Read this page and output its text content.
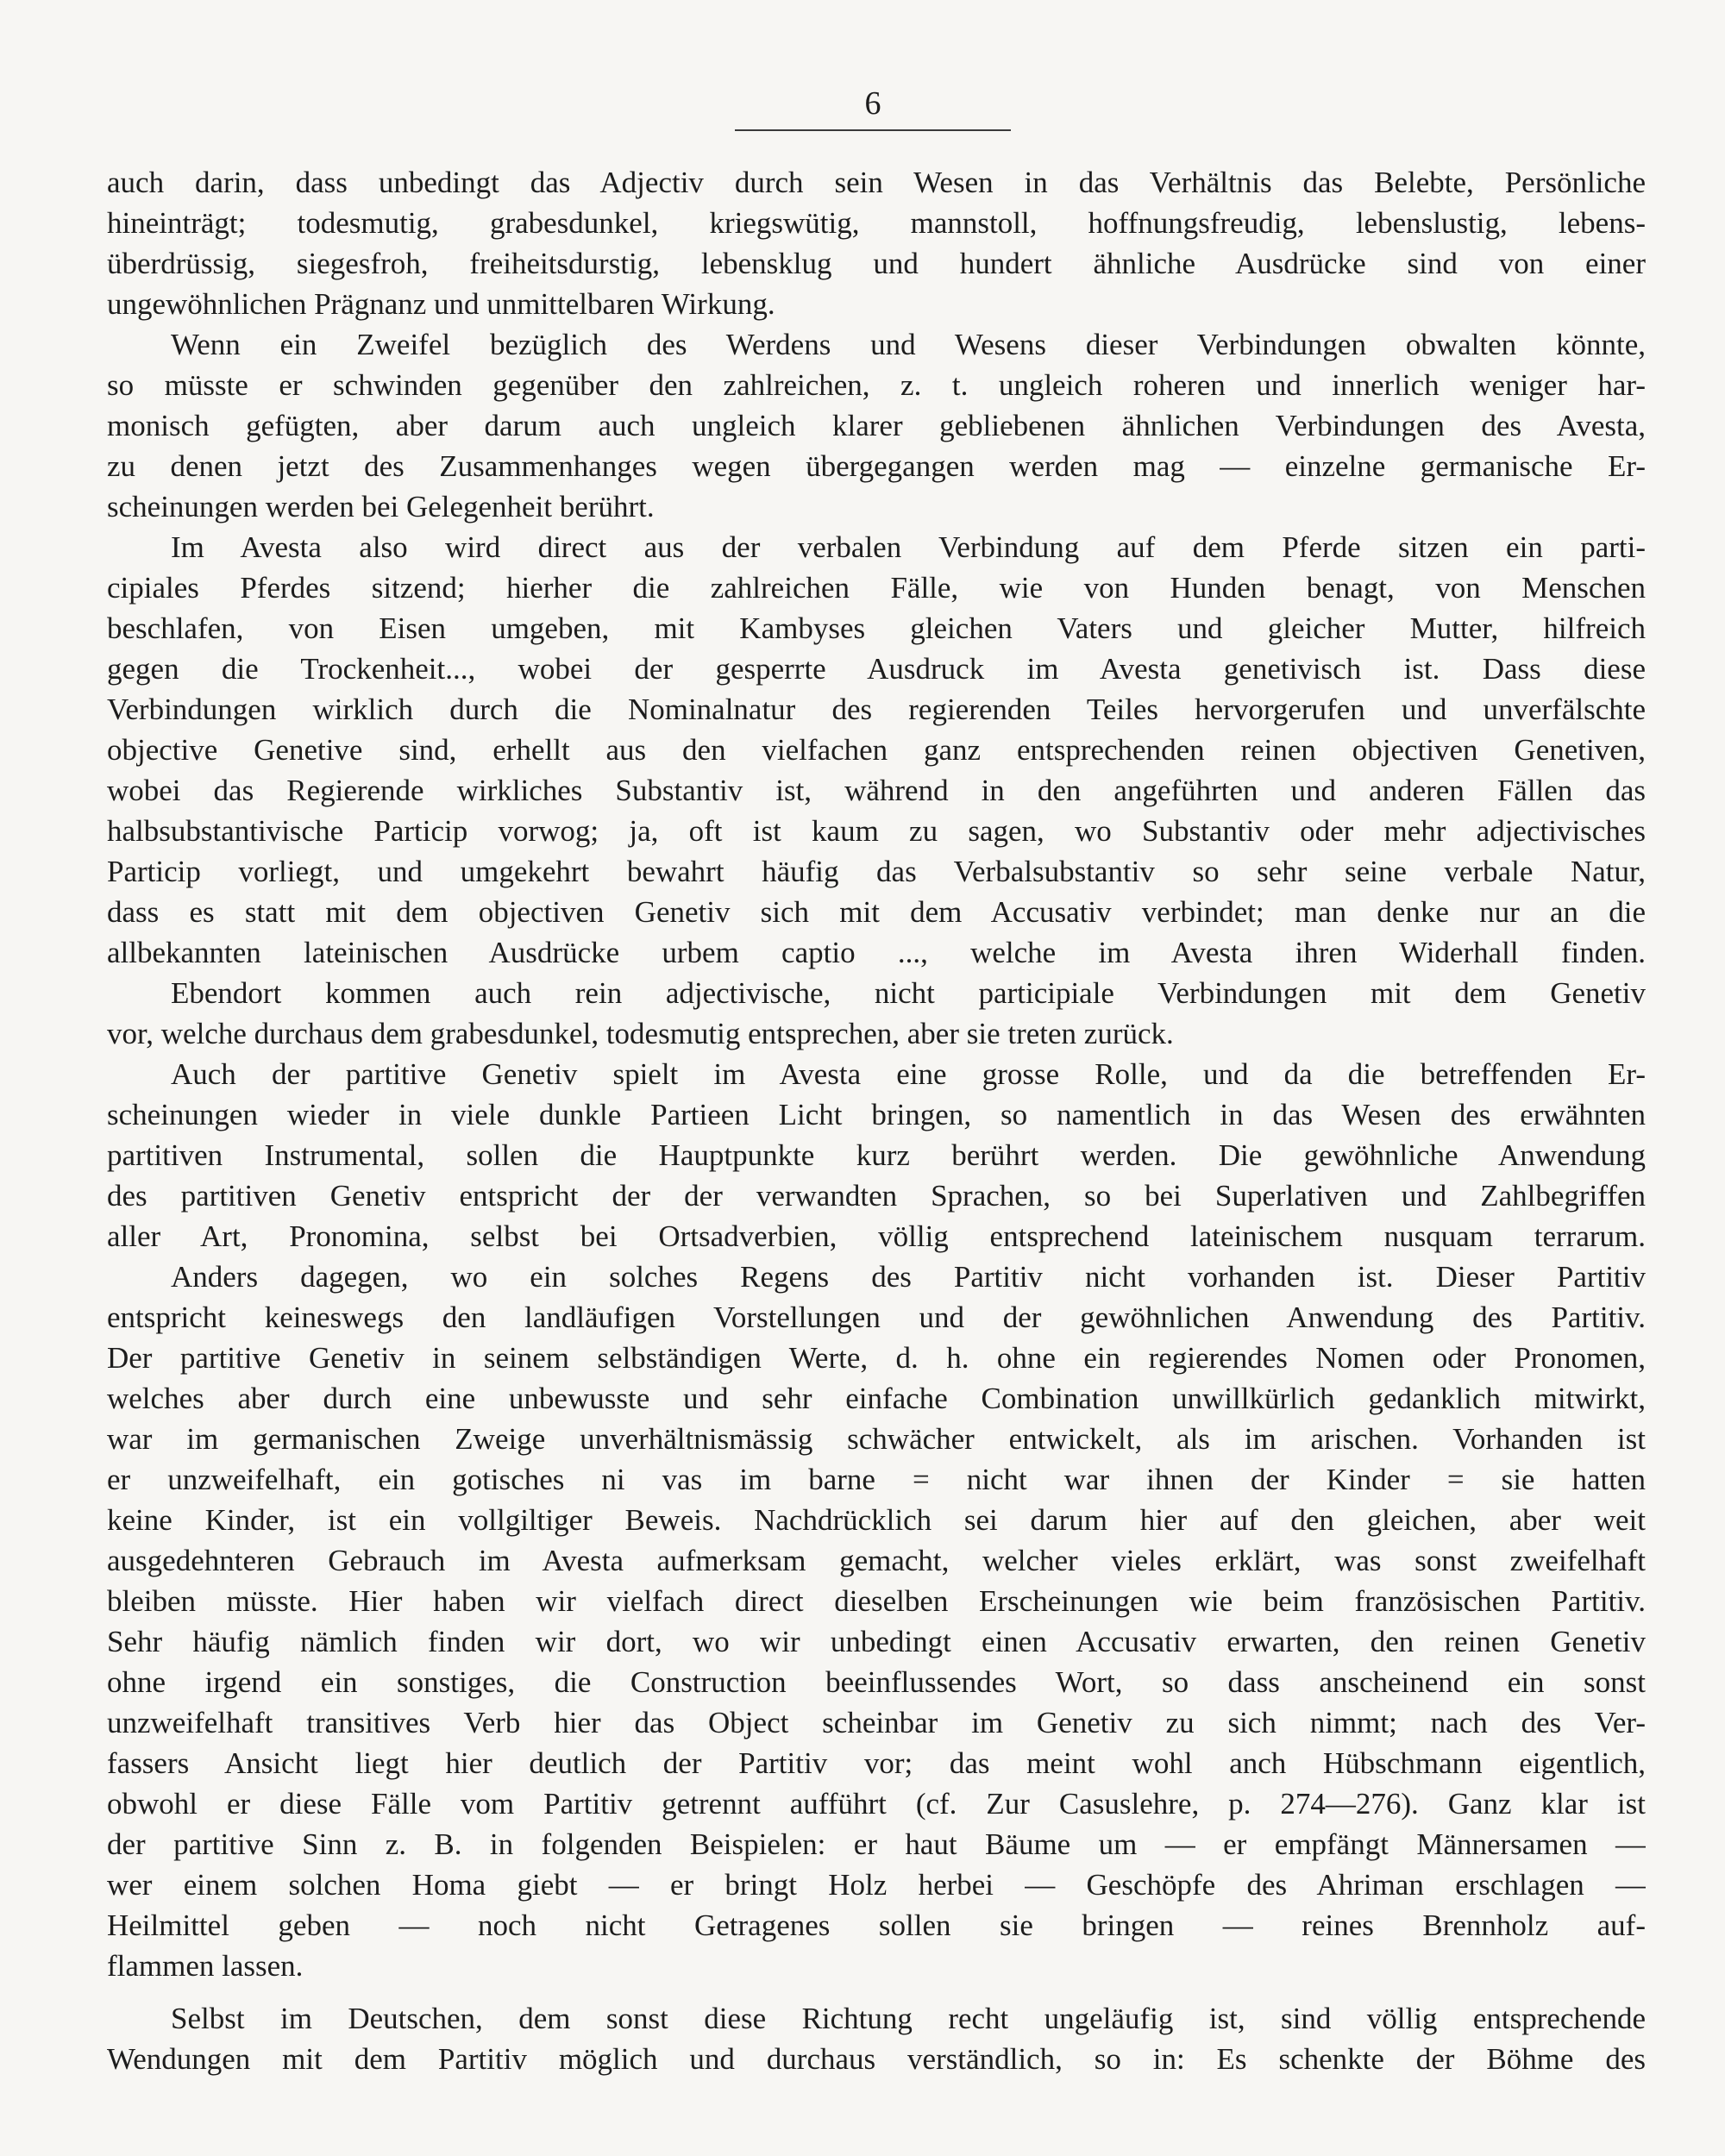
6
auch darin, dass unbedingt das Adjectiv durch sein Wesen in das Verhältnis das Belebte, Persönliche
hineinträgt; todesmutig, grabesdunkel, kriegswütig, mannstoll, hoffnungsfreudig, lebenslustig, lebens-
überdrüssig, siegesfroh, freiheitsdurstig, lebensklug und hundert ähnliche Ausdrücke sind von einer
ungewöhnlichen Prägnanz und unmittelbaren Wirkung.
Wenn ein Zweifel bezüglich des Werdens und Wesens dieser Verbindungen obwalten könnte,
so müsste er schwinden gegenüber den zahlreichen, z. t. ungleich roheren und innerlich weniger har-
monisch gefügten, aber darum auch ungleich klarer gebliebenen ähnlichen Verbindungen des Avesta,
zu denen jetzt des Zusammenhanges wegen übergegangen werden mag — einzelne germanische Er-
scheinungen werden bei Gelegenheit berührt.
Im Avesta also wird direct aus der verbalen Verbindung auf dem Pferde sitzen ein parti-
cipiales Pferdes sitzend; hierher die zahlreichen Fälle, wie von Hunden benagt, von Menschen
beschlafen, von Eisen umgeben, mit Kambyses gleichen Vaters und gleicher Mutter, hilfreich
gegen die Trockenheit..., wobei der gesperrte Ausdruck im Avesta genetivisch ist. Dass diese
Verbindungen wirklich durch die Nominalnatur des regierenden Teiles hervorgerufen und unverfälschte
objective Genetive sind, erhellt aus den vielfachen ganz entsprechenden reinen objectiven Genetiven,
wobei das Regierende wirkliches Substantiv ist, während in den angeführten und anderen Fällen das
halbsubstantivische Particip vorwog; ja, oft ist kaum zu sagen, wo Substantiv oder mehr adjectivisches
Particip vorliegt, und umgekehrt bewahrt häufig das Verbalsubstantiv so sehr seine verbale Natur,
dass es statt mit dem objectiven Genetiv sich mit dem Accusativ verbindet; man denke nur an die
allbekannten lateinischen Ausdrücke urbem captio ..., welche im Avesta ihren Widerhall finden.
Ebendort kommen auch rein adjectivische, nicht participiale Verbindungen mit dem Genetiv
vor, welche durchaus dem grabesdunkel, todesmutig entsprechen, aber sie treten zurück.
Auch der partitive Genetiv spielt im Avesta eine grosse Rolle, und da die betreffenden Er-
scheinungen wieder in viele dunkle Partieen Licht bringen, so namentlich in das Wesen des erwähnten
partitiven Instrumental, sollen die Hauptpunkte kurz berührt werden. Die gewöhnliche Anwendung
des partitiven Genetiv entspricht der der verwandten Sprachen, so bei Superlativen und Zahlbegriffen
aller Art, Pronomina, selbst bei Ortsadverbien, völlig entsprechend lateinischem nusquam terrarum.
Anders dagegen, wo ein solches Regens des Partitiv nicht vorhanden ist. Dieser Partitiv
entspricht keineswegs den landläufigen Vorstellungen und der gewöhnlichen Anwendung des Partitiv.
Der partitive Genetiv in seinem selbständigen Werte, d. h. ohne ein regierendes Nomen oder Pronomen,
welches aber durch eine unbewusste und sehr einfache Combination unwillkürlich gedanklich mitwirkt,
war im germanischen Zweige unverhältnismässig schwächer entwickelt, als im arischen. Vorhanden ist
er unzweifelhaft, ein gotisches ni vas im barne = nicht war ihnen der Kinder = sie hatten
keine Kinder, ist ein vollgiltiger Beweis. Nachdrücklich sei darum hier auf den gleichen, aber weit
ausgedehnteren Gebrauch im Avesta aufmerksam gemacht, welcher vieles erklärt, was sonst zweifelhaft
bleiben müsste. Hier haben wir vielfach direct dieselben Erscheinungen wie beim französischen Partitiv.
Sehr häufig nämlich finden wir dort, wo wir unbedingt einen Accusativ erwarten, den reinen Genetiv
ohne irgend ein sonstiges, die Construction beeinflussendes Wort, so dass anscheinend ein sonst
unzweifelhaft transitives Verb hier das Object scheinbar im Genetiv zu sich nimmt; nach des Ver-
fassers Ansicht liegt hier deutlich der Partitiv vor; das meint wohl anch Hübschmann eigentlich,
obwohl er diese Fälle vom Partitiv getrennt aufführt (cf. Zur Casuslehre, p. 274—276). Ganz klar ist
der partitive Sinn z. B. in folgenden Beispielen: er haut Bäume um — er empfängt Männersamen —
wer einem solchen Homa giebt — er bringt Holz herbei — Geschöpfe des Ahriman erschlagen —
Heilmittel geben — noch nicht Getragenes sollen sie bringen — reines Brennholz auf-
flammen lassen.
Selbst im Deutschen, dem sonst diese Richtung recht ungeläufig ist, sind völlig entsprechende
Wendungen mit dem Partitiv möglich und durchaus verständlich, so in: Es schenkte der Böhme des
